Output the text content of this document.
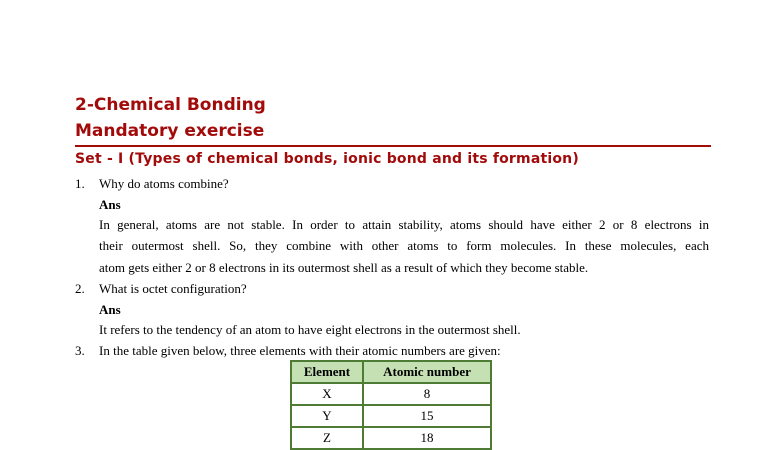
2-Chemical Bonding
Mandatory exercise
Set - I (Types of chemical bonds, ionic bond and its formation)
1. Why do atoms combine?
Ans
In general, atoms are not stable. In order to attain stability, atoms should have either 2 or 8 electrons in
their outermost shell. So, they combine with other atoms to form molecules. In these molecules, each
atom gets either 2 or 8 electrons in its outermost shell as a result of which they become stable.
2. What is octet configuration?
Ans
It refers to the tendency of an atom to have eight electrons in the outermost shell.
3. In the table given below, three elements with their atomic numbers are given:
Element	Atomic number
X	8
Y	15
Z	18
